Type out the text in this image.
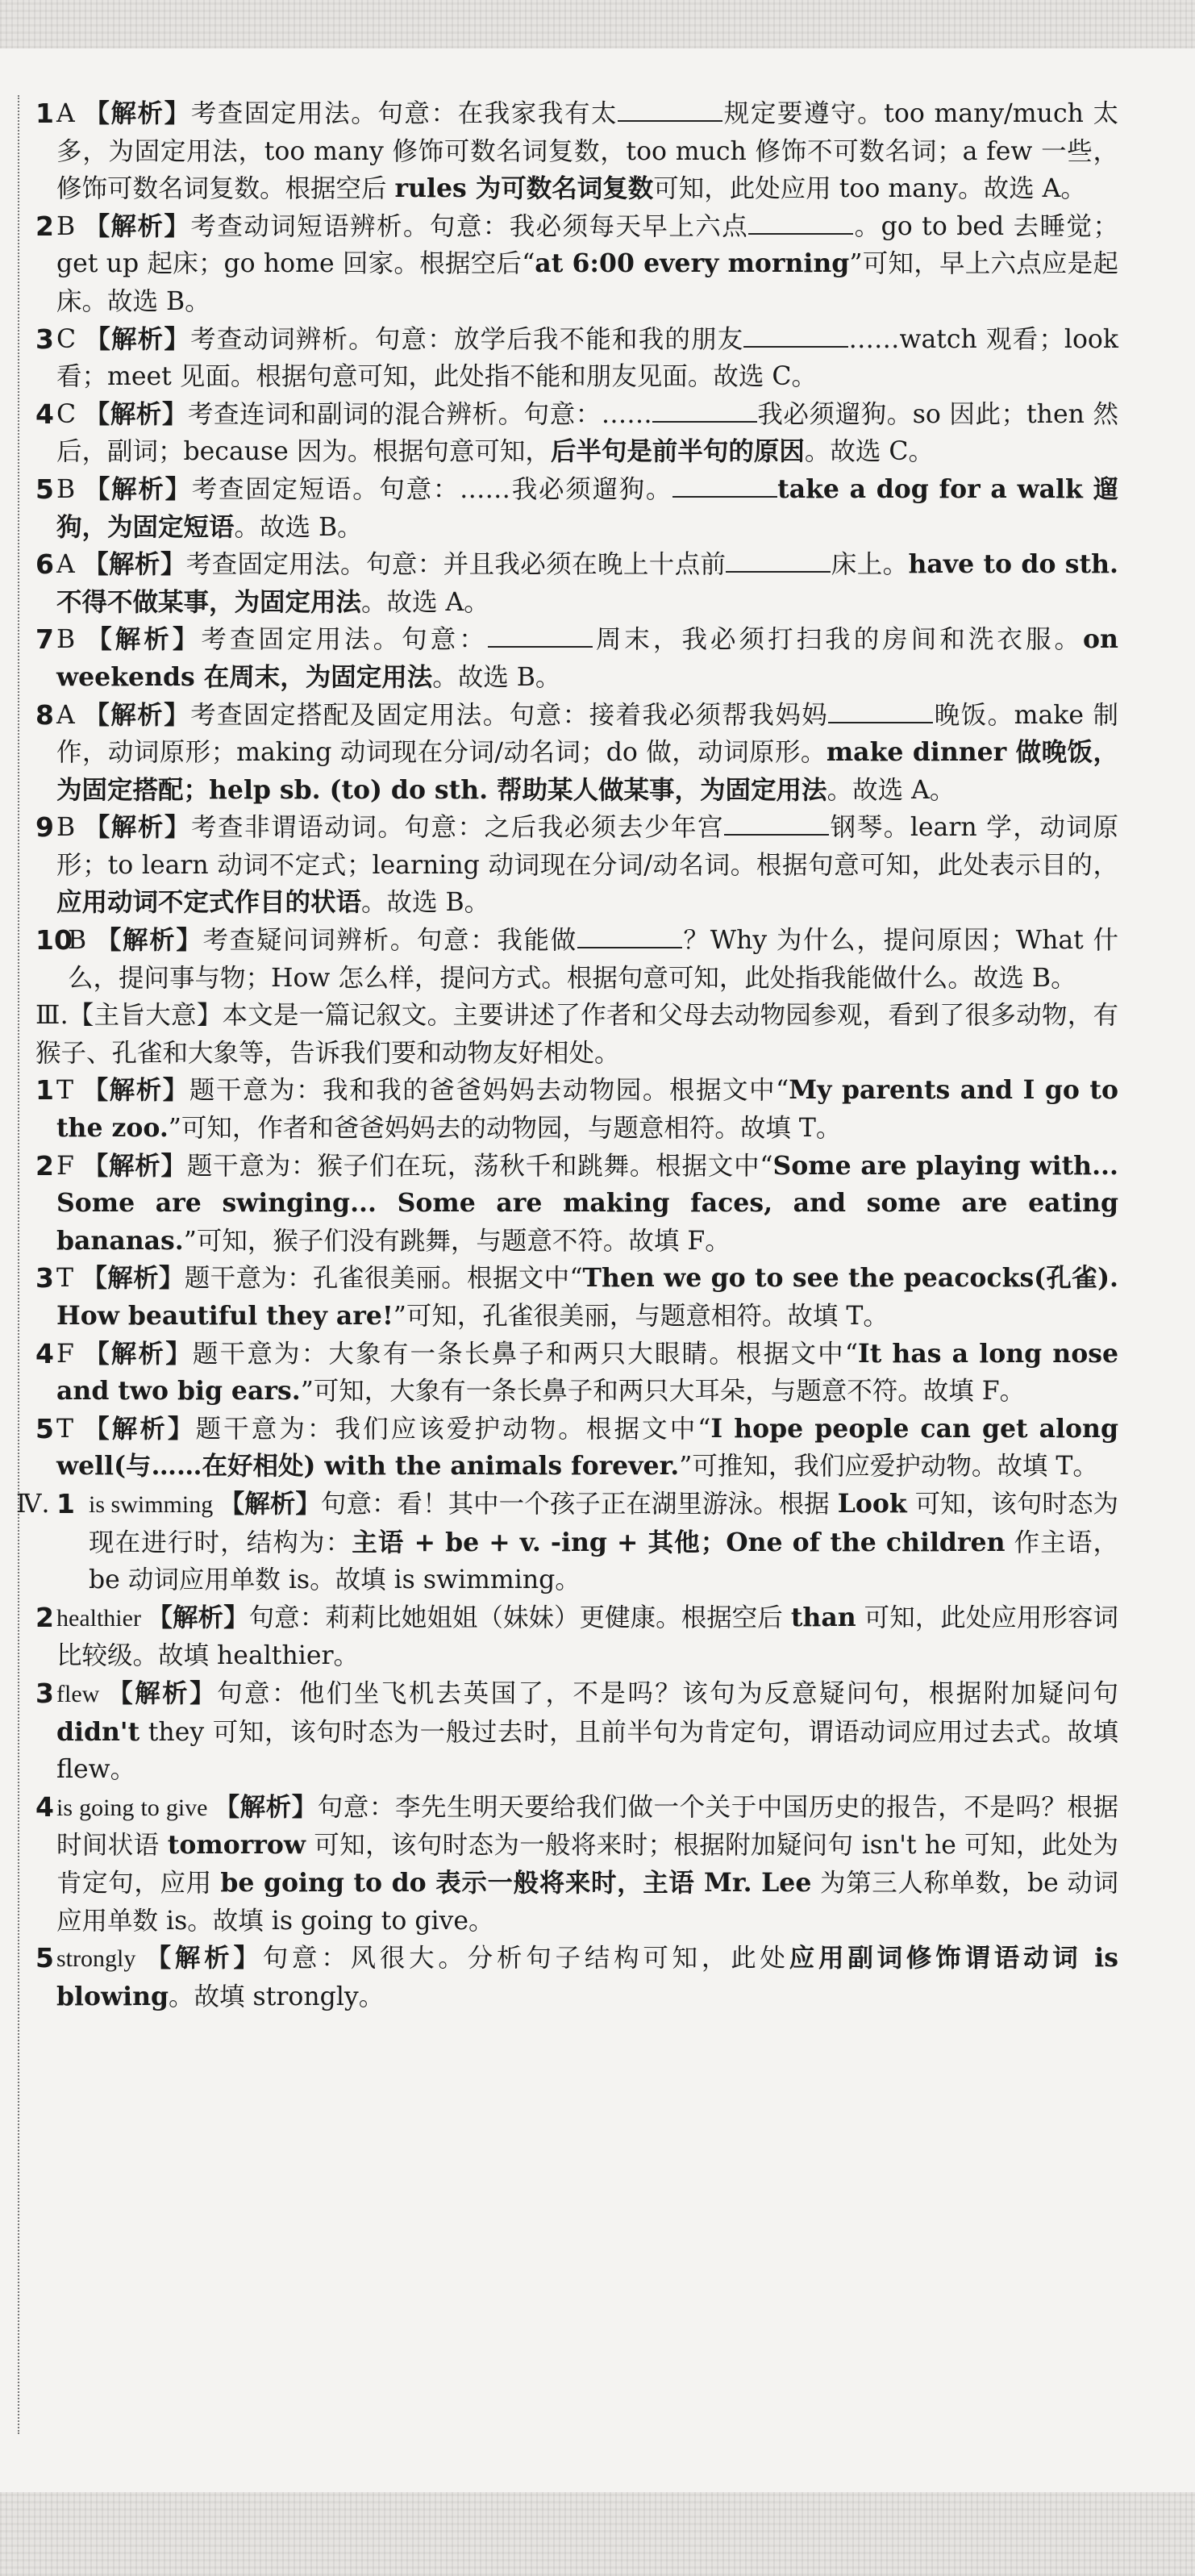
1 A 【解析】考查固定用法。句意：在我家我有太	规定要遵守。too many/much 太多，为固定用法，too many 修饰可数名词复数，too much 修饰不可数名词；a few 一些，修饰可数名词复数。根据空后 rules 为可数名词复数可知，此处应用 too many。故选 A。
2 B 【解析】考查动词短语辨析。句意：我必须每天早上六点	。go to bed 去睡觉；get up 起床；go home 回家。根据空后“at 6:00 every morning”可知，早上六点应是起床。故选 B。
3 C 【解析】考查动词辨析。句意：放学后我不能和我的朋友	……watch 观看；look 看；meet 见面。根据句意可知，此处指不能和朋友见面。故选 C。
4 C 【解析】考查连词和副词的混合辨析。句意：……	我必须遛狗。so 因此；then 然后，副词；because 因为。根据句意可知，后半句是前半句的原因。故选 C。
5 B 【解析】考查固定短语。句意：……我必须遛狗。	take a dog for a walk 遛狗，为固定短语。故选 B。
6 A 【解析】考查固定用法。句意：并且我必须在晚上十点前	床上。have to do sth. 不得不做某事，为固定用法。故选 A。
7 B 【解析】考查固定用法。句意：	周末，我必须打扫我的房间和洗衣服。on weekends 在周末，为固定用法。故选 B。
8 A 【解析】考查固定搭配及固定用法。句意：接着我必须帮我妈妈	晚饭。make 制作，动词原形；making 动词现在分词/动名词；do 做，动词原形。make dinner 做晚饭，为固定搭配；help sb. (to) do sth. 帮助某人做某事，为固定用法。故选 A。
9 B 【解析】考查非谓语动词。句意：之后我必须去少年宫	钢琴。learn 学，动词原形；to learn 动词不定式；learning 动词现在分词/动名词。根据句意可知，此处表示目的，应用动词不定式作目的状语。故选 B。
10
B 【解析】考查疑问词辨析。句意：我能做	？Why 为什么，提问原因；What 什么，提问事与物；How 怎么样，提问方式。根据句意可知，此处指我能做什么。故选 B。
Ⅲ.【主旨大意】本文是一篇记叙文。主要讲述了作者和父母去动物园参观，看到了很多动物，有猴子、孔雀和大象等，告诉我们要和动物友好相处。
1 T 【解析】题干意为：我和我的爸爸妈妈去动物园。根据文中“My parents and I go to the zoo.”可知，作者和爸爸妈妈去的动物园，与题意相符。故填 T。
2 F 【解析】题干意为：猴子们在玩，荡秋千和跳舞。根据文中“Some are playing with... Some are swinging... Some are making faces, and some are eating bananas.”可知，猴子们没有跳舞，与题意不符。故填 F。
3 T 【解析】题干意为：孔雀很美丽。根据文中“Then we go to see the peacocks(孔雀). How beautiful they are!”可知，孔雀很美丽，与题意相符。故填 T。
4 F 【解析】题干意为：大象有一条长鼻子和两只大眼睛。根据文中“It has a long nose and two big ears.”可知，大象有一条长鼻子和两只大耳朵，与题意不符。故填 F。
5 T 【解析】题干意为：我们应该爱护动物。根据文中“I hope people can get along well(与……在好相处) with the animals forever.”可推知，我们应爱护动物。故填 T。
Ⅳ. 1 is swimming 【解析】句意：看！其中一个孩子正在湖里游泳。根据 Look 可知，该句时态为现在进行时，结构为：主语 + be + v. -ing + 其他；One of the children 作主语，be 动词应用单数 is。故填 is swimming。
2 healthier 【解析】句意：莉莉比她姐姐（妹妹）更健康。根据空后 than 可知，此处应用形容词比较级。故填 healthier。
3 flew 【解析】句意：他们坐飞机去英国了，不是吗？该句为反意疑问句，根据附加疑问句 didn't they 可知，该句时态为一般过去时，且前半句为肯定句，谓语动词应用过去式。故填 flew。
4 is going to give 【解析】句意：李先生明天要给我们做一个关于中国历史的报告，不是吗？根据时间状语 tomorrow 可知，该句时态为一般将来时；根据附加疑问句 isn't he 可知，此处为肯定句，应用 be going to do 表示一般将来时，主语 Mr. Lee 为第三人称单数，be 动词应用单数 is。故填 is going to give。
5 strongly 【解析】句意：风很大。分析句子结构可知，此处应用副词修饰谓语动词 is blowing。故填 strongly。
